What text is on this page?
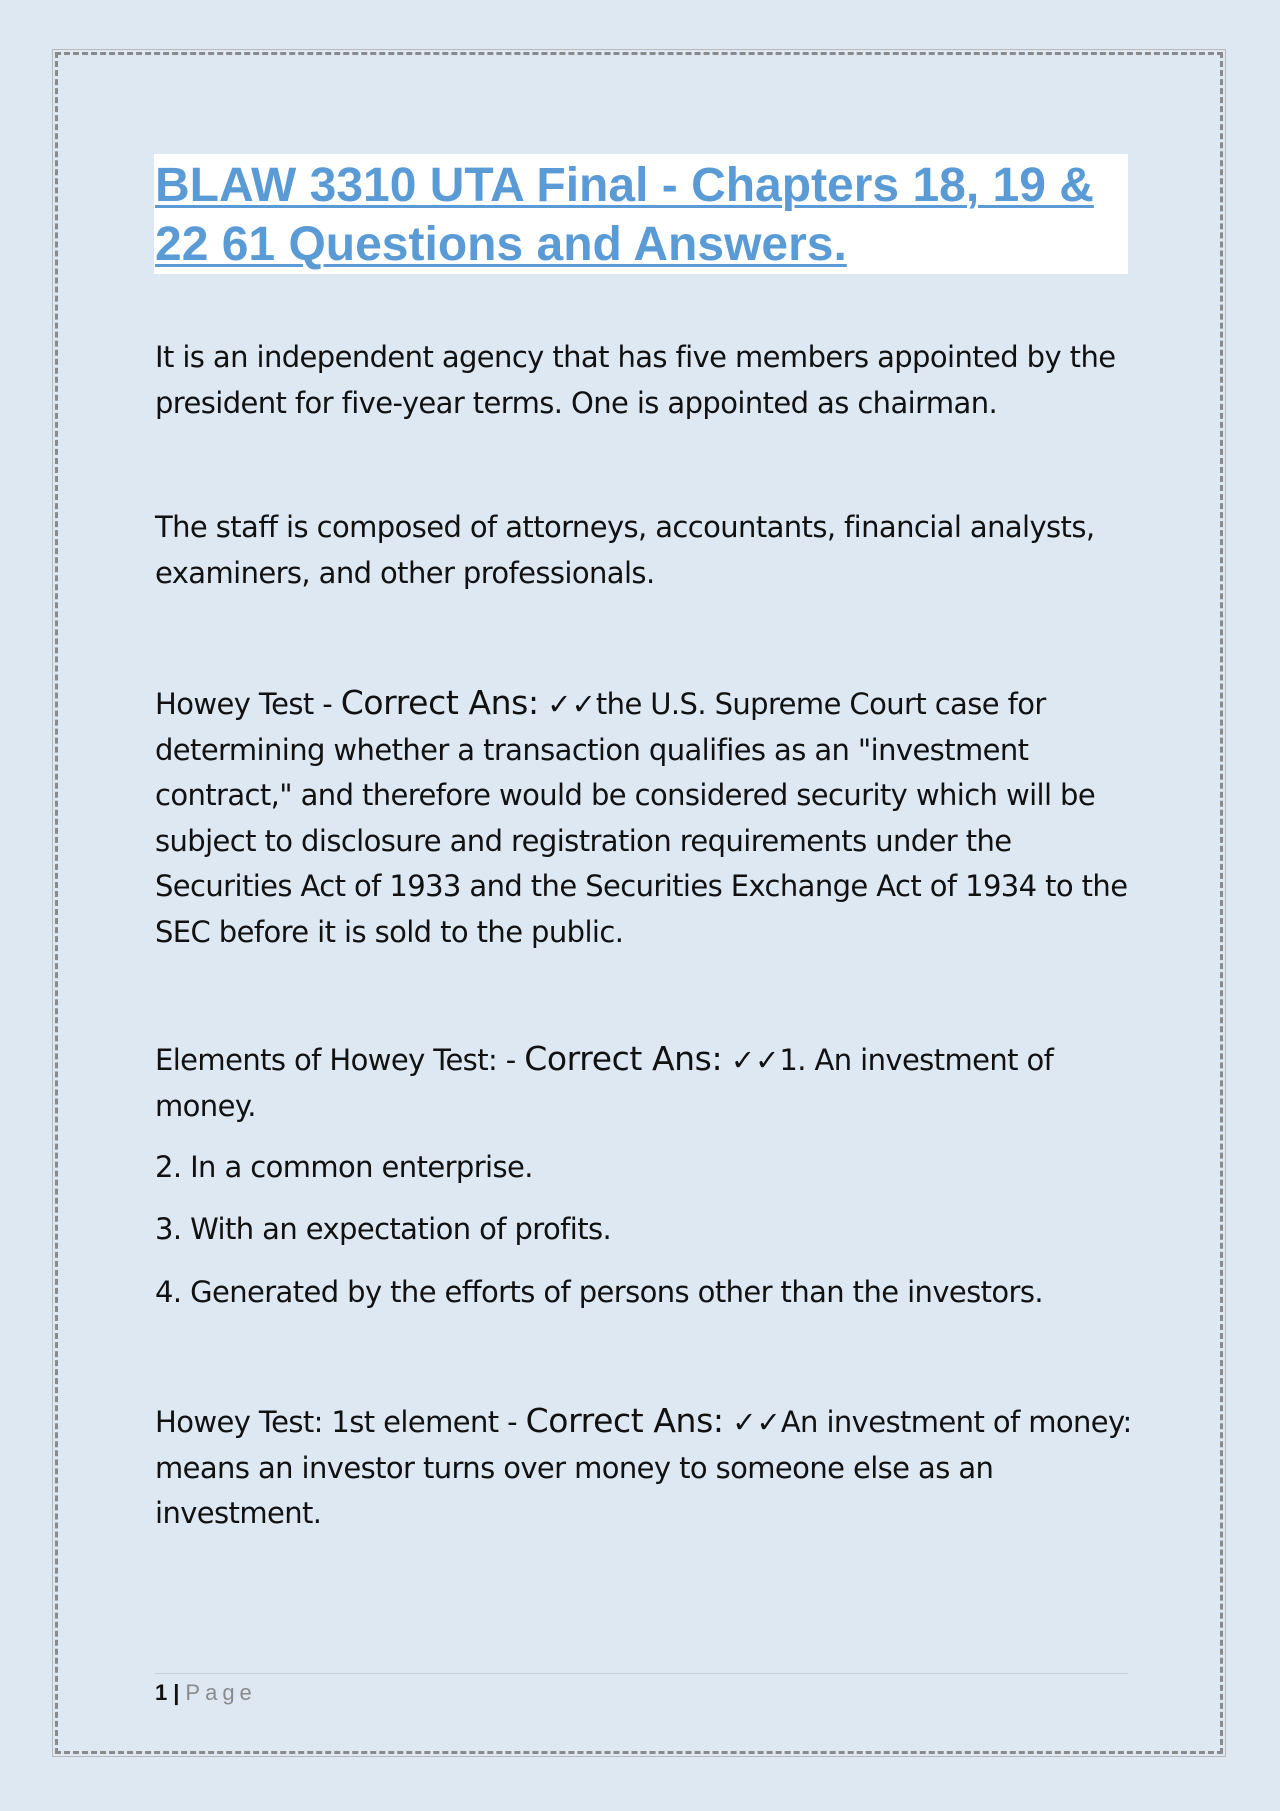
BLAW 3310 UTA Final - Chapters 18, 19 & 22 61 Questions and Answers.

It is an independent agency that has five members appointed by the president for five-year terms. One is appointed as chairman.

The staff is composed of attorneys, accountants, financial analysts, examiners, and other professionals.

Howey Test - Correct Ans: ✓✓the U.S. Supreme Court case for determining whether a transaction qualifies as an "investment contract," and therefore would be considered security which will be subject to disclosure and registration requirements under the Securities Act of 1933 and the Securities Exchange Act of 1934 to the SEC before it is sold to the public.

Elements of Howey Test: - Correct Ans: ✓✓1. An investment of money.

2. In a common enterprise.

3. With an expectation of profits.

4. Generated by the efforts of persons other than the investors.

Howey Test: 1st element - Correct Ans: ✓✓An investment of money: means an investor turns over money to someone else as an investment.

1 | Page
